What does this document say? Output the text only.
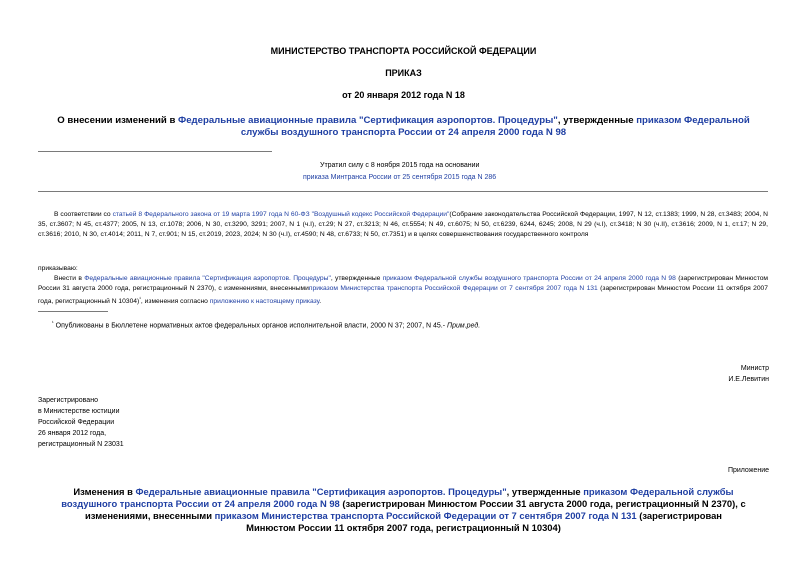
МИНИСТЕРСТВО ТРАНСПОРТА РОССИЙСКОЙ ФЕДЕРАЦИИ
ПРИКАЗ
от 20 января 2012 года N 18
О внесении изменений в Федеральные авиационные правила "Сертификация аэропортов. Процедуры", утвержденные приказом Федеральной службы воздушного транспорта России от 24 апреля 2000 года N 98
Утратил силу с 8 ноября 2015 года на основании
приказа Минтранса России от 25 сентября 2015 года N 286
В соответствии со статьей 8 Федерального закона от 19 марта 1997 года N 60-ФЗ "Воздушный кодекс Российской Федерации"(Собрание законодательства Российской Федерации, 1997, N 12, ст.1383; 1999, N 28, ст.3483; 2004, N 35, ст.3607; N 45, ст.4377; 2005, N 13, ст.1078; 2006, N 30, ст.3290, 3291; 2007, N 1 (ч.I), ст.29; N 27, ст.3213; N 46, ст.5554; N 49, ст.6075; N 50, ст.6239, 6244, 6245; 2008, N 29 (ч.I), ст.3418; N 30 (ч.II), ст.3616; 2009, N 1, ст.17; N 29, ст.3616; 2010, N 30, ст.4014; 2011, N 7, ст.901; N 15, ст.2019, 2023, 2024; N 30 (ч.I), ст.4590; N 48, ст.6733; N 50, ст.7351) и в целях совершенствования государственного контроля
приказываю:
Внести в Федеральные авиационные правила "Сертификация аэропортов. Процедуры", утвержденные приказом Федеральной службы воздушного транспорта России от 24 апреля 2000 года N 98 (зарегистрирован Минюстом России 31 августа 2000 года, регистрационный N 2370), с изменениями, внесеннымиприказом Министерства транспорта Российской Федерации от 7 сентября 2007 года N 131 (зарегистрирован Минюстом России 11 октября 2007 года, регистрационный N 10304)$^{^1}$, изменения согласно приложению к настоящему приказу.
$^{^1}$ Опубликованы в Бюллетене нормативных актов федеральных органов исполнительной власти, 2000 N 37; 2007, N 45.- Прим.ред.
Министр
И.Е.Левитин
Зарегистрировано
в Министерстве юстиции
Российской Федерации
26 января 2012 года,
регистрационный N 23031
Приложение
Изменения в Федеральные авиационные правила "Сертификация аэропортов. Процедуры", утвержденные приказом Федеральной службы воздушного транспорта России от 24 апреля 2000 года N 98 (зарегистрирован Минюстом России 31 августа 2000 года, регистрационный N 2370), с изменениями, внесенными приказом Министерства транспорта Российской Федерации от 7 сентября 2007 года N 131 (зарегистрирован Минюстом России 11 октября 2007 года, регистрационный N 10304)
